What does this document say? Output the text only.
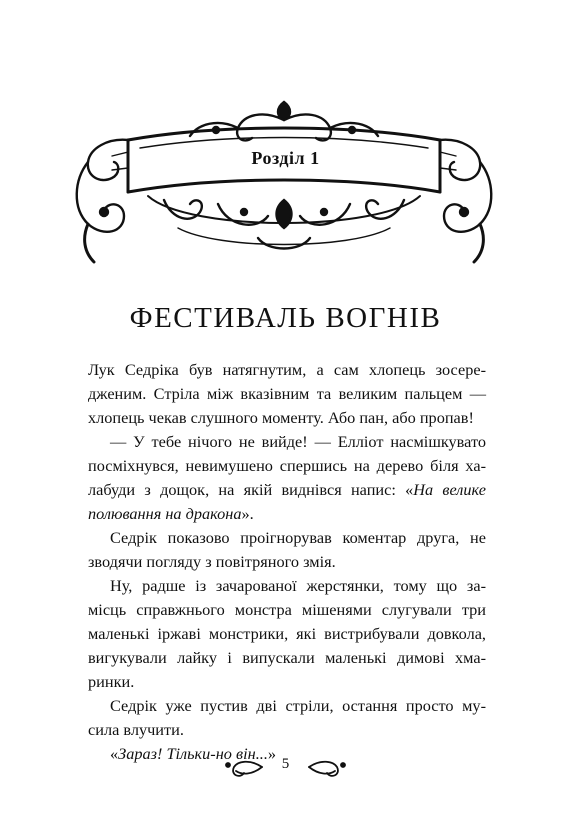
Розділ 1
ФЕСТИВАЛЬ ВОГНІВ

Лук Седріка був натягнутим, а сам хлопець зосере- дженим. Стріла між вказівним та великим пальцем — хлопець чекав слушного моменту. Або пан, або пропав!

— У тебе нічого не вийде! — Елліот насмішкувато посміхнувся, невимушено спершись на дерево біля ха- лабуди з дощок, на якій виднівся напис: «На велике полювання на дракона».

Седрік показово проігнорував коментар друга, не зводячи погляду з повітряного змія.

Ну, радше із зачарованої жерстянки, тому що за- місць справжнього монстра мішенями слугували три маленькі іржаві монстрики, які вистрибували довкола, вигукували лайку і випускали маленькі димові хма- ринки.

Седрік уже пустив дві стріли, остання просто му- сила влучити.

«Зараз! Тільки-но він...»

5
